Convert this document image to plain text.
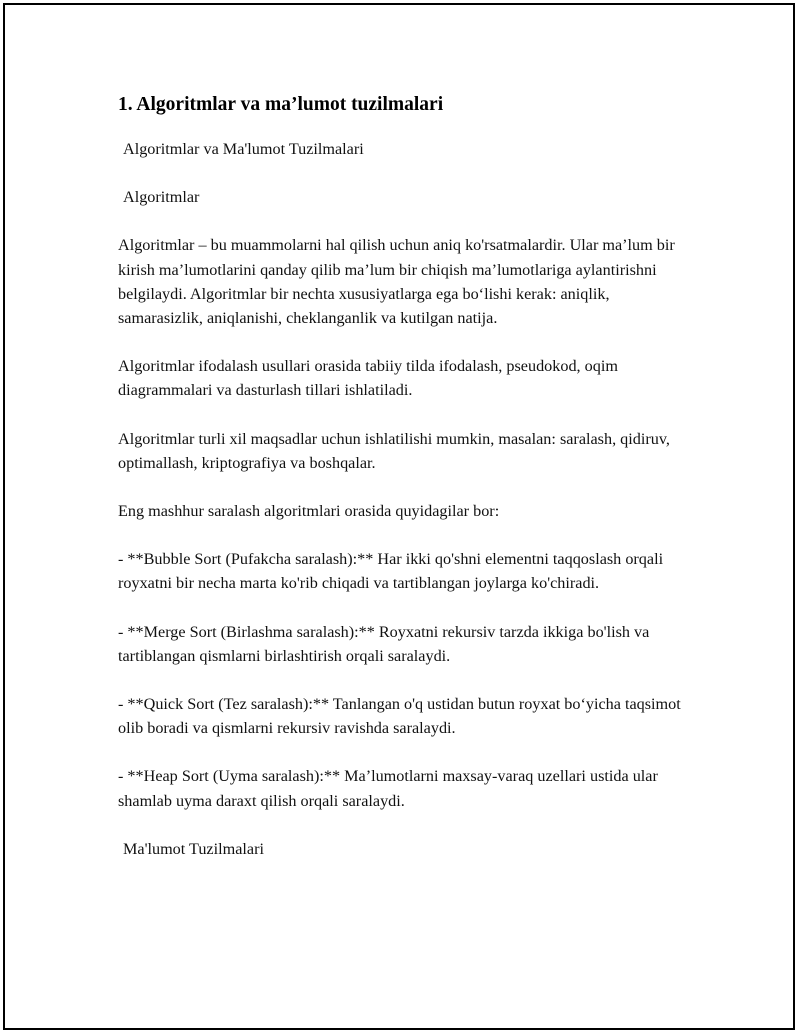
1. Algoritmlar va ma’lumot tuzilmalari

Algoritmlar va Ma'lumot Tuzilmalari

Algoritmlar

Algoritmlar – bu muammolarni hal qilish uchun aniq ko'rsatmalardir. Ular ma’lum bir kirish ma’lumotlarini qanday qilib ma’lum bir chiqish ma’lumotlariga aylantirishni belgilaydi. Algoritmlar bir nechta xususiyatlarga ega bo‘lishi kerak: aniqlik, samarasizlik, aniqlanishi, cheklanganlik va kutilgan natija.

Algoritmlar ifodalash usullari orasida tabiiy tilda ifodalash, pseudokod, oqim diagrammalari va dasturlash tillari ishlatiladi.

Algoritmlar turli xil maqsadlar uchun ishlatilishi mumkin, masalan: saralash, qidiruv, optimallash, kriptografiya va boshqalar.

Eng mashhur saralash algoritmlari orasida quyidagilar bor:

- **Bubble Sort (Pufakcha saralash):** Har ikki qo'shni elementni taqqoslash orqali royxatni bir necha marta ko'rib chiqadi va tartiblangan joylarga ko'chiradi.

- **Merge Sort (Birlashma saralash):** Royxatni rekursiv tarzda ikkiga bo'lish va tartiblangan qismlarni birlashtirish orqali saralaydi.

- **Quick Sort (Tez saralash):** Tanlangan o'q ustidan butun royxat bo‘yicha taqsimot olib boradi va qismlarni rekursiv ravishda saralaydi.

- **Heap Sort (Uyma saralash):** Ma’lumotlarni maxsay-varaq uzellari ustida ular shamlab uyma daraxt qilish orqali saralaydi.

Ma'lumot Tuzilmalari
